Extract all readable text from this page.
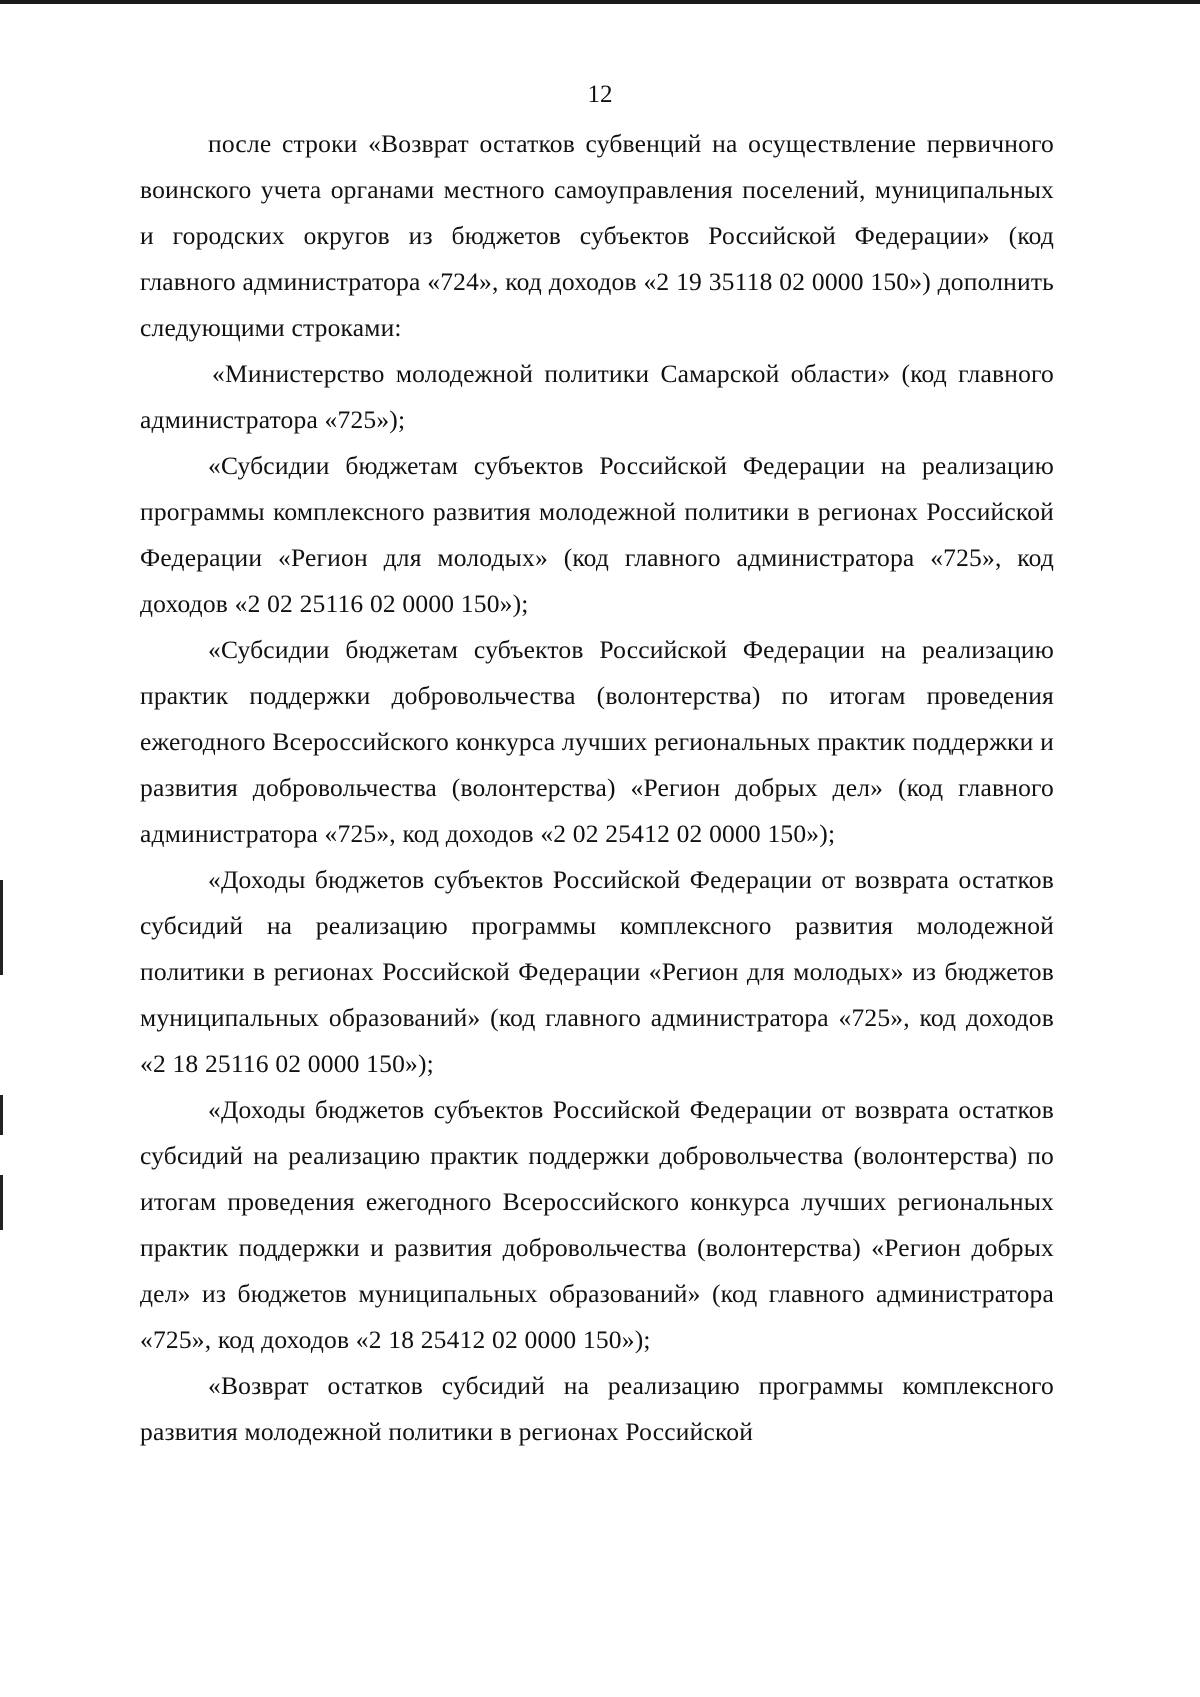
12

после строки «Возврат остатков субвенций на осуществление первичного воинского учета органами местного самоуправления поселений, муниципальных и городских округов из бюджетов субъектов Российской Федерации» (код главного администратора «724», код доходов «2 19 35118 02 0000 150») дополнить следующими строками:

«Министерство молодежной политики Самарской области» (код главного администратора «725»);

«Субсидии бюджетам субъектов Российской Федерации на реализацию программы комплексного развития молодежной политики в регионах Российской Федерации «Регион для молодых» (код главного администратора «725», код доходов «2 02 25116 02 0000 150»);

«Субсидии бюджетам субъектов Российской Федерации на реализацию практик поддержки добровольчества (волонтерства) по итогам проведения ежегодного Всероссийского конкурса лучших региональных практик поддержки и развития добровольчества (волонтерства) «Регион добрых дел» (код главного администратора «725», код доходов «2 02 25412 02 0000 150»);

«Доходы бюджетов субъектов Российской Федерации от возврата остатков субсидий на реализацию программы комплексного развития молодежной политики в регионах Российской Федерации «Регион для молодых» из бюджетов муниципальных образований» (код главного администратора «725», код доходов «2 18 25116 02 0000 150»);

«Доходы бюджетов субъектов Российской Федерации от возврата остатков субсидий на реализацию практик поддержки добровольчества (волонтерства) по итогам проведения ежегодного Всероссийского конкурса лучших региональных практик поддержки и развития добровольчества (волонтерства) «Регион добрых дел» из бюджетов муниципальных образований» (код главного администратора «725», код доходов «2 18 25412 02 0000 150»);

«Возврат остатков субсидий на реализацию программы комплексного развития молодежной политики в регионах Российской
